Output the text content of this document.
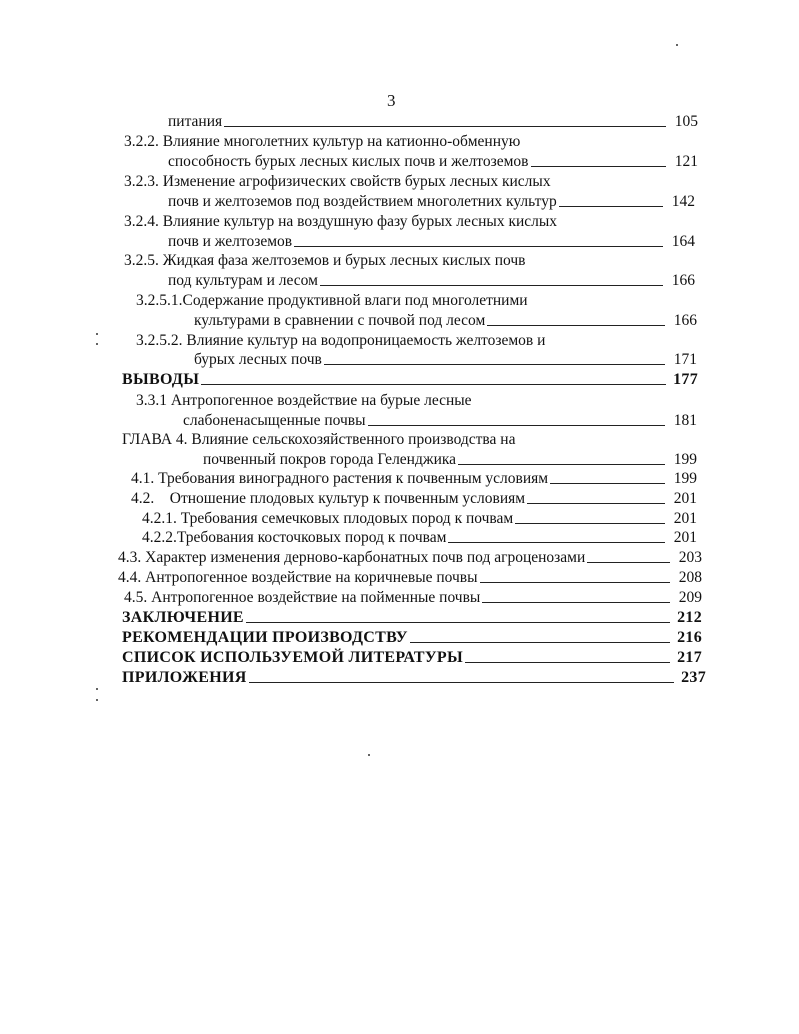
3
питания	105
3.2.2. Влияние многолетних культур на катионно-обменную
способность бурых лесных кислых почв и желтоземов	121
3.2.3. Изменение агрофизических свойств бурых лесных кислых
почв и желтоземов под воздействием многолетних культур	142
3.2.4. Влияние культур на воздушную фазу бурых лесных кислых
почв и желтоземов	164
3.2.5. Жидкая фаза желтоземов и бурых лесных кислых почв
под культурам и лесом	166
3.2.5.1.Содержание продуктивной влаги под многолетними
культурами в сравнении с почвой под лесом	166
3.2.5.2. Влияние культур на водопроницаемость желтоземов и
бурых лесных почв	171
ВЫВОДЫ	177
3.3.1 Антропогенное воздействие на бурые лесные
слабоненасыщенные почвы	181
ГЛАВА 4. Влияние сельскохозяйственного производства на
почвенный покров города Геленджика	199
4.1. Требования виноградного растения к почвенным условиям	199
4.2.    Отношение плодовых культур к почвенным условиям	201
4.2.1. Требования семечковых плодовых пород к почвам	201
4.2.2.Требования косточковых пород к почвам	201
4.3. Характер изменения дерново-карбонатных почв под агроценозами	203
4.4. Антропогенное воздействие на коричневые почвы	208
4.5. Антропогенное воздействие на пойменные почвы	209
ЗАКЛЮЧЕНИЕ	212
РЕКОМЕНДАЦИИ ПРОИЗВОДСТВУ	216
СПИСОК ИСПОЛЬЗУЕМОЙ ЛИТЕРАТУРЫ	217
ПРИЛОЖЕНИЯ	237
